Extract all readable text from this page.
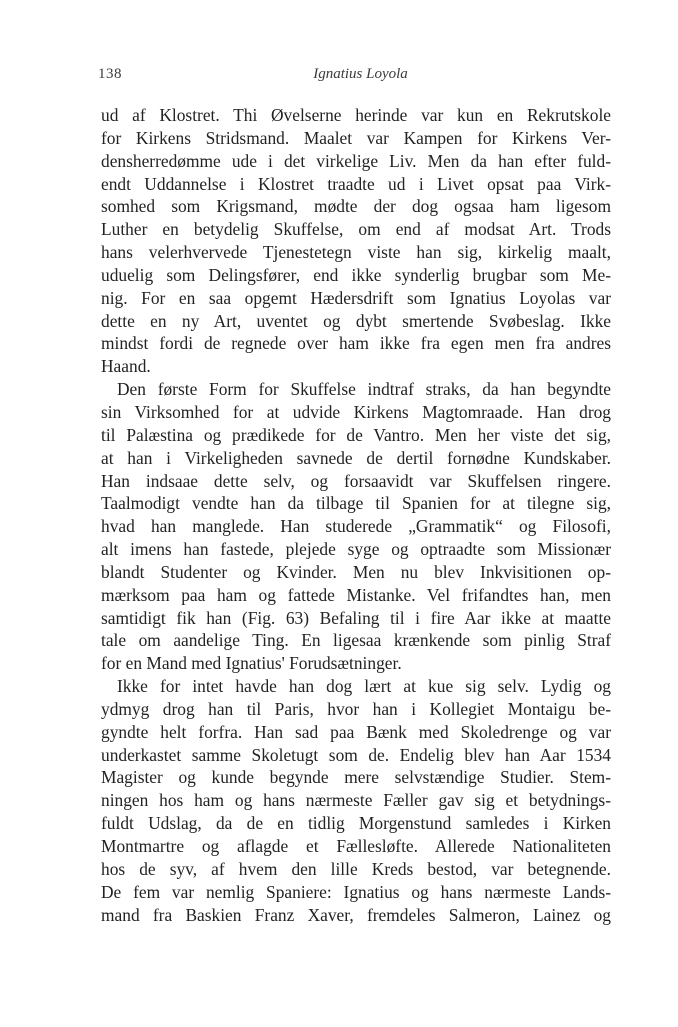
138	Ignatius Loyola
ud af Klostret. Thi Øvelserne herinde var kun en Rekrutskole
for Kirkens Stridsmand. Maalet var Kampen for Kirkens Ver-
densherredømme ude i det virkelige Liv. Men da han efter fuld-
endt Uddannelse i Klostret traadte ud i Livet opsat paa Virk-
somhed som Krigsmand, mødte der dog ogsaa ham ligesom
Luther en betydelig Skuffelse, om end af modsat Art. Trods
hans velerhvervede Tjenestetegn viste han sig, kirkelig maalt,
uduelig som Delingsfører, end ikke synderlig brugbar som Me-
nig. For en saa opgemt Hædersdrift som Ignatius Loyolas var
dette en ny Art, uventet og dybt smertende Svøbeslag. Ikke
mindst fordi de regnede over ham ikke fra egen men fra andres
Haand.
Den første Form for Skuffelse indtraf straks, da han begyndte
sin Virksomhed for at udvide Kirkens Magtomraade. Han drog
til Palæstina og prædikede for de Vantro. Men her viste det sig,
at han i Virkeligheden savnede de dertil fornødne Kundskaber.
Han indsaae dette selv, og forsaavidt var Skuffelsen ringere.
Taalmodigt vendte han da tilbage til Spanien for at tilegne sig,
hvad han manglede. Han studerede „Grammatik“ og Filosofi,
alt imens han fastede, plejede syge og optraadte som Missionær
blandt Studenter og Kvinder. Men nu blev Inkvisitionen op-
mærksom paa ham og fattede Mistanke. Vel frifandtes han, men
samtidigt fik han (Fig. 63) Befaling til i fire Aar ikke at maatte
tale om aandelige Ting. En ligesaa krænkende som pinlig Straf
for en Mand med Ignatius' Forudsætninger.
Ikke for intet havde han dog lært at kue sig selv. Lydig og
ydmyg drog han til Paris, hvor han i Kollegiet Montaigu be-
gyndte helt forfra. Han sad paa Bænk med Skoledrenge og var
underkastet samme Skoletugt som de. Endelig blev han Aar 1534
Magister og kunde begynde mere selvstændige Studier. Stem-
ningen hos ham og hans nærmeste Fæller gav sig et betydnings-
fuldt Udslag, da de en tidlig Morgenstund samledes i Kirken
Montmartre og aflagde et Fællesløfte. Allerede Nationaliteten
hos de syv, af hvem den lille Kreds bestod, var betegnende.
De fem var nemlig Spaniere: Ignatius og hans nærmeste Lands-
mand fra Baskien Franz Xaver, fremdeles Salmeron, Lainez og
